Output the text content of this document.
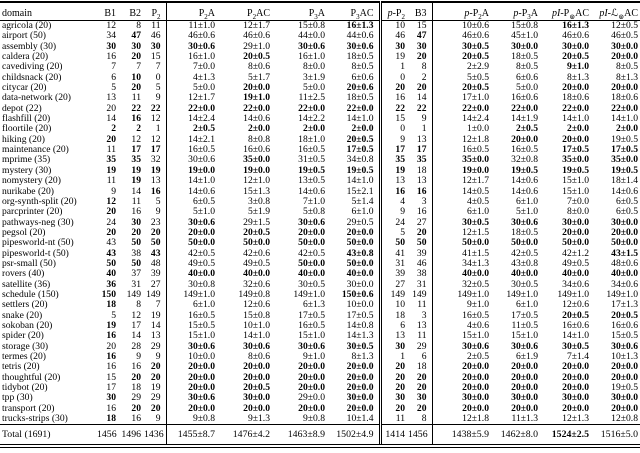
domain	B1	B2	$P_2$	$P_2A$	$P_2AC$	$P_3A$	$P_3AC$	$p-P_2$	B3	$p-P_2A$	$p-P_3A$	$pI-P_⊚AC$	pI-ℒ$_⊚$AC
agricola (20)	12	8	11	11±1.0	12±1.7	15±0.8	16±1.3	10	15	10±0.6	15±0.8	16±1.3	12±0.5
airport (50)	34	47	46	46±0.6	46±0.6	44±0.0	44±0.6	46	47	46±0.6	45±1.0	46±0.6	46±0.5
assembly (30)	30	30	30	30±0.6	29±1.0	30±0.6	30±0.6	30	30	30±0.5	30±0.0	30±0.0	30±0.0
caldera (20)	16	20	15	16±1.0	20±0.5	16±1.0	18±0.5	19	20	20±0.5	18±0.5	20±0.5	20±0.0
cavediving (20)	7	7	7	7±0.0	8±0.6	8±0.0	8±0.5	1	8	2±2.9	8±0.5	9±1.0	8±0.5
childsnack (20)	6	10	0	4±1.3	5±1.7	3±1.9	6±0.6	0	2	5±0.5	6±0.6	8±1.3	8±1.3
citycar (20)	5	20	5	5±0.0	20±0.0	5±0.0	20±0.6	20	20	20±0.5	5±0.0	20±0.0	20±0.0
data-network (20)	13	11	9	12±1.7	19±1.0	11±2.5	18±0.5	16	14	17±1.0	16±0.6	18±0.6	18±0.6
depot (22)	20	22	22	22±0.0	22±0.0	22±0.0	22±0.0	22	22	22±0.0	22±0.0	22±0.0	22±0.0
flashfill (20)	14	16	12	14±2.4	14±0.6	14±2.2	14±1.0	15	9	14±2.4	14±1.9	14±1.0	14±1.0
floortile (20)	2	2	1	2±0.5	2±0.0	2±0.0	2±0.0	0	1	1±0.0	2±0.5	2±0.0	2±0.0
hiking (20)	20	12	12	14±2.1	8±0.8	18±1.0	20±0.5	9	13	12±1.8	20±0.0	20±0.0	19±0.5
maintenance (20)	11	17	17	16±0.5	16±0.6	16±0.5	17±0.5	17	17	16±0.5	16±0.5	17±0.5	17±0.5
mprime (35)	35	35	32	30±0.6	35±0.0	31±0.5	34±0.8	35	35	35±0.0	32±0.8	35±0.0	35±0.0
mystery (30)	19	19	19	19±0.0	19±0.0	19±0.5	19±0.5	19	18	19±0.0	19±0.5	19±0.5	19±0.5
nomystery (20)	11	19	13	14±1.0	12±1.0	13±0.5	14±1.0	13	13	12±1.7	14±0.6	15±1.0	18±1.4
nurikabe (20)	9	14	16	14±0.6	15±1.3	14±0.6	15±2.1	16	16	14±0.5	14±0.6	15±1.0	14±0.6
org-synth-split (20)	12	11	5	6±0.5	3±0.8	7±1.0	5±1.4	4	3	4±0.5	6±1.0	7±0.0	6±0.5
parcprinter (20)	20	16	9	5±1.0	5±1.9	5±0.8	6±1.0	9	16	6±1.0	5±1.0	8±0.0	6±0.5
pathways-neg (30)	24	30	23	30±0.6	29±1.5	30±0.6	29±0.5	24	27	30±0.5	30±0.6	30±0.0	30±0.0
pegsol (20)	20	20	20	20±0.0	20±0.5	20±0.0	20±0.0	5	20	12±1.5	18±0.5	20±0.0	20±0.0
pipesworld-nt (50)	43	50	50	50±0.0	50±0.0	50±0.0	50±0.0	50	50	50±0.0	50±0.0	50±0.0	50±0.0
pipesworld-t (50)	43	38	43	42±0.5	42±0.6	42±0.5	43±0.8	41	39	41±1.5	42±0.5	42±1.2	43±1.5
psr-small (50)	50	50	48	49±0.5	49±0.5	50±0.0	50±0.0	31	46	34±1.3	43±0.8	49±0.5	48±0.6
rovers (40)	40	37	39	40±0.0	40±0.0	40±0.0	40±0.0	39	38	40±0.0	40±0.0	40±0.0	40±0.0
satellite (36)	36	31	27	30±0.8	32±0.6	30±0.5	30±0.0	27	31	32±0.5	30±0.5	34±0.6	34±0.6
schedule (150)	150	149	149	149±1.0	149±0.8	149±1.0	150±0.6	149	149	149±1.0	149±1.0	149±1.0	149±1.0
settlers (20)	18	8	7	6±1.0	12±0.6	6±1.3	10±0.0	10	11	9±1.0	6±1.0	12±0.6	17±1.3
snake (20)	5	12	19	16±0.5	15±0.8	17±0.5	17±0.5	18	3	16±0.5	17±0.5	20±0.5	20±0.5
sokoban (20)	19	17	14	15±0.5	10±1.0	16±0.5	14±0.8	6	13	4±0.6	11±0.5	16±0.6	16±0.6
spider (20)	16	14	13	15±1.0	14±1.0	15±1.0	14±1.3	13	11	15±1.0	15±1.0	14±1.0	15±0.5
storage (30)	20	28	29	30±0.6	30±0.6	30±0.6	30±0.5	30	29	30±0.6	30±0.6	30±0.5	30±0.6
termes (20)	16	9	9	10±0.0	8±0.6	9±1.0	8±1.3	1	6	2±0.5	6±1.9	7±1.4	10±1.3
tetris (20)	16	16	20	20±0.0	20±0.0	20±0.0	20±0.0	20	18	20±0.0	20±0.0	20±0.0	20±0.0
thoughtful (20)	15	20	20	20±0.0	20±0.0	20±0.0	20±0.0	20	20	20±0.0	20±0.0	20±0.0	20±0.0
tidybot (20)	17	18	19	20±0.0	20±0.5	20±0.0	20±0.0	20	20	20±0.0	20±0.0	20±0.0	19±0.5
tpp (30)	30	29	29	30±0.6	30±0.0	29±0.0	30±0.0	30	30	30±0.0	30±0.0	30±0.0	30±0.0
transport (20)	16	20	20	20±0.0	20±0.0	20±0.0	20±0.0	20	20	20±0.0	20±0.0	20±0.0	20±0.0
trucks-strips (30)	18	16	9	9±0.8	9±1.3	9±0.8	10±1.4	11	8	12±1.8	11±1.3	12±1.3	12±0.8
Total (1691)	1456	1496	1436	1455±8.7	1476±4.2	1463±8.9	1502±4.9	1414	1456	1438±5.9	1462±8.0	1524±2.5	1516±5.0
